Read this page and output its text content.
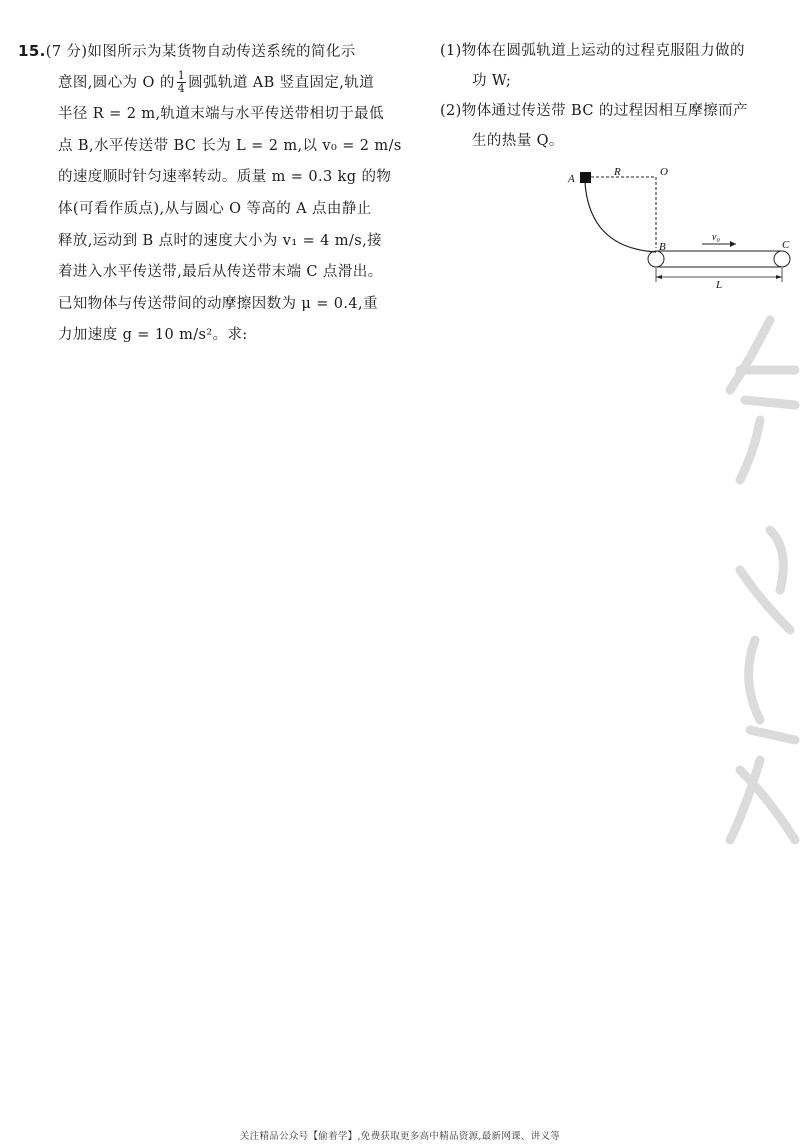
15.(7 分)如图所示为某货物自动传送系统的简化示
意图,圆心为 O 的 $\frac{1}{4}$ 圆弧轨道 AB 竖直固定,轨道
半径 R = 2 m,轨道末端与水平传送带相切于最低
点 B,水平传送带 BC 长为 L = 2 m,以 v₀ = 2 m/s
的速度顺时针匀速率转动。质量 m = 0.3 kg 的物
体(可看作质点),从与圆心 O 等高的 A 点由静止
释放,运动到 B 点时的速度大小为 v₁ = 4 m/s,接
着进入水平传送带,最后从传送带末端 C 点滑出。
已知物体与传送带间的动摩擦因数为 μ = 0.4,重
力加速度 g = 10 m/s²。求:
(1)物体在圆弧轨道上运动的过程克服阻力做的
功 W;
(2)物体通过传送带 BC 的过程因相互摩擦而产
生的热量 Q。
A
R	O
B	C
v₀
L
关注精品公众号【偷着学】,免费获取更多高中精品资源,最新网课、讲义等
